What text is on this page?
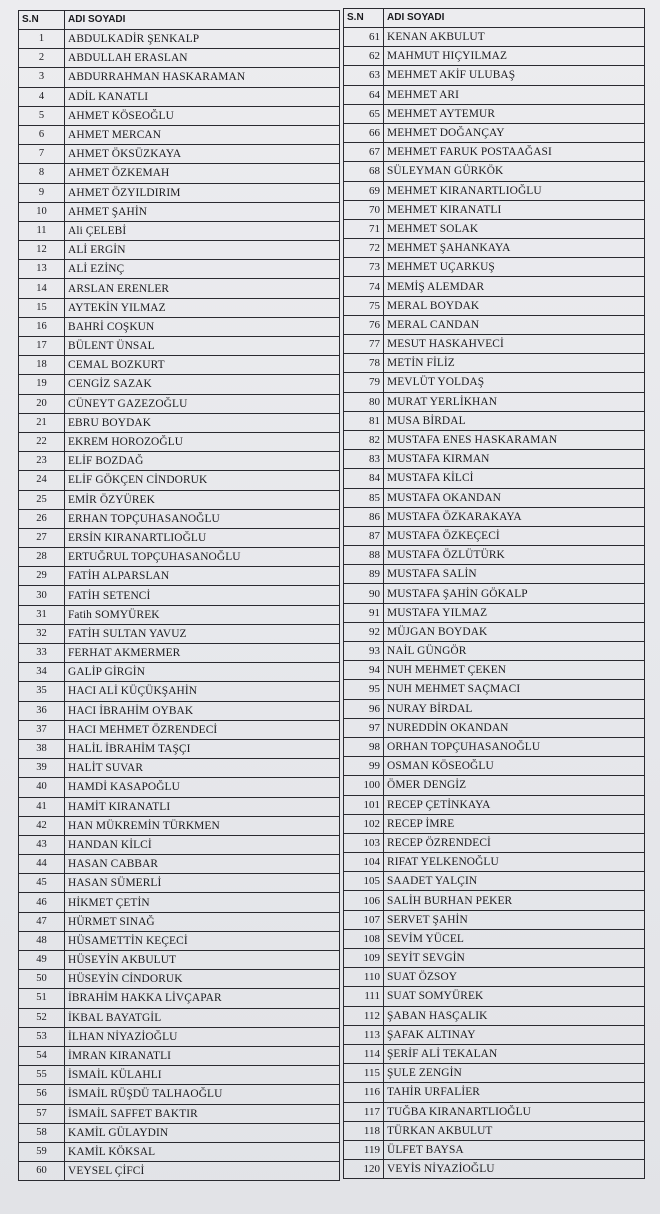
S.N	ADI SOYADI
1	ABDULKADİR ŞENKALP
2	ABDULLAH ERASLAN
3	ABDURRAHMAN HASKARAMAN
4	ADİL KANATLI
5	AHMET KÖSEOĞLU
6	AHMET MERCAN
7	AHMET ÖKSÜZKAYA
8	AHMET ÖZKEMAH
9	AHMET ÖZYILDIRIM
10	AHMET ŞAHİN
11	Ali ÇELEBİ
12	ALİ ERGİN
13	ALİ EZİNÇ
14	ARSLAN ERENLER
15	AYTEKİN YILMAZ
16	BAHRİ COŞKUN
17	BÜLENT ÜNSAL
18	CEMAL BOZKURT
19	CENGİZ SAZAK
20	CÜNEYT GAZEZOĞLU
21	EBRU BOYDAK
22	EKREM HOROZOĞLU
23	ELİF BOZDAĞ
24	ELİF GÖKÇEN CİNDORUK
25	EMİR ÖZYÜREK
26	ERHAN TOPÇUHASANOĞLU
27	ERSİN KIRANARTLIOĞLU
28	ERTUĞRUL TOPÇUHASANOĞLU
29	FATİH ALPARSLAN
30	FATİH SETENCİ
31	Fatih SOMYÜREK
32	FATİH SULTAN YAVUZ
33	FERHAT AKMERMER
34	GALİP GİRGİN
35	HACI ALİ KÜÇÜKŞAHİN
36	HACI İBRAHİM OYBAK
37	HACI MEHMET ÖZRENDECİ
38	HALİL İBRAHİM TAŞÇI
39	HALİT SUVAR
40	HAMDİ KASAPOĞLU
41	HAMİT KIRANATLI
42	HAN MÜKREMİN TÜRKMEN
43	HANDAN KİLCİ
44	HASAN CABBAR
45	HASAN SÜMERLİ
46	HİKMET ÇETİN
47	HÜRMET SINAĞ
48	HÜSAMETTİN KEÇECİ
49	HÜSEYİN AKBULUT
50	HÜSEYİN CİNDORUK
51	İBRAHİM HAKKA LİVÇAPAR
52	İKBAL BAYATGİL
53	İLHAN NİYAZİOĞLU
54	İMRAN KIRANATLI
55	İSMAİL KÜLAHLI
56	İSMAİL RÜŞDÜ TALHAOĞLU
57	İSMAİL SAFFET BAKTIR
58	KAMİL GÜLAYDIN
59	KAMİL KÖKSAL
60	VEYSEL ÇİFCİ
S.N	ADI SOYADI
61	KENAN AKBULUT
62	MAHMUT HIÇYILMAZ
63	MEHMET AKİF ULUBAŞ
64	MEHMET ARI
65	MEHMET AYTEMUR
66	MEHMET DOĞANÇAY
67	MEHMET FARUK POSTAAĞASI
68	SÜLEYMAN GÜRKÖK
69	MEHMET KIRANARTLIOĞLU
70	MEHMET KIRANATLI
71	MEHMET SOLAK
72	MEHMET ŞAHANKAYA
73	MEHMET UÇARKUŞ
74	MEMİŞ ALEMDAR
75	MERAL BOYDAK
76	MERAL CANDAN
77	MESUT HASKAHVECİ
78	METİN FİLİZ
79	MEVLÜT YOLDAŞ
80	MURAT YERLİKHAN
81	MUSA BİRDAL
82	MUSTAFA ENES HASKARAMAN
83	MUSTAFA KIRMAN
84	MUSTAFA KİLCİ
85	MUSTAFA OKANDAN
86	MUSTAFA ÖZKARAKAYA
87	MUSTAFA ÖZKEÇECİ
88	MUSTAFA ÖZLÜTÜRK
89	MUSTAFA SALİN
90	MUSTAFA ŞAHİN GÖKALP
91	MUSTAFA YILMAZ
92	MÜJGAN BOYDAK
93	NAİL GÜNGÖR
94	NUH MEHMET ÇEKEN
95	NUH MEHMET SAÇMACI
96	NURAY BİRDAL
97	NUREDDİN OKANDAN
98	ORHAN TOPÇUHASANOĞLU
99	OSMAN KÖSEOĞLU
100	ÖMER DENGİZ
101	RECEP ÇETİNKAYA
102	RECEP İMRE
103	RECEP ÖZRENDECİ
104	RIFAT YELKENOĞLU
105	SAADET YALÇIN
106	SALİH BURHAN PEKER
107	SERVET ŞAHİN
108	SEVİM YÜCEL
109	SEYİT SEVGİN
110	SUAT ÖZSOY
111	SUAT SOMYÜREK
112	ŞABAN HASÇALIK
113	ŞAFAK ALTINAY
114	ŞERİF ALİ TEKALAN
115	ŞULE ZENGİN
116	TAHİR URFALİER
117	TUĞBA KIRANARTLIOĞLU
118	TÜRKAN AKBULUT
119	ÜLFET BAYSA
120	VEYİS NİYAZİOĞLU
